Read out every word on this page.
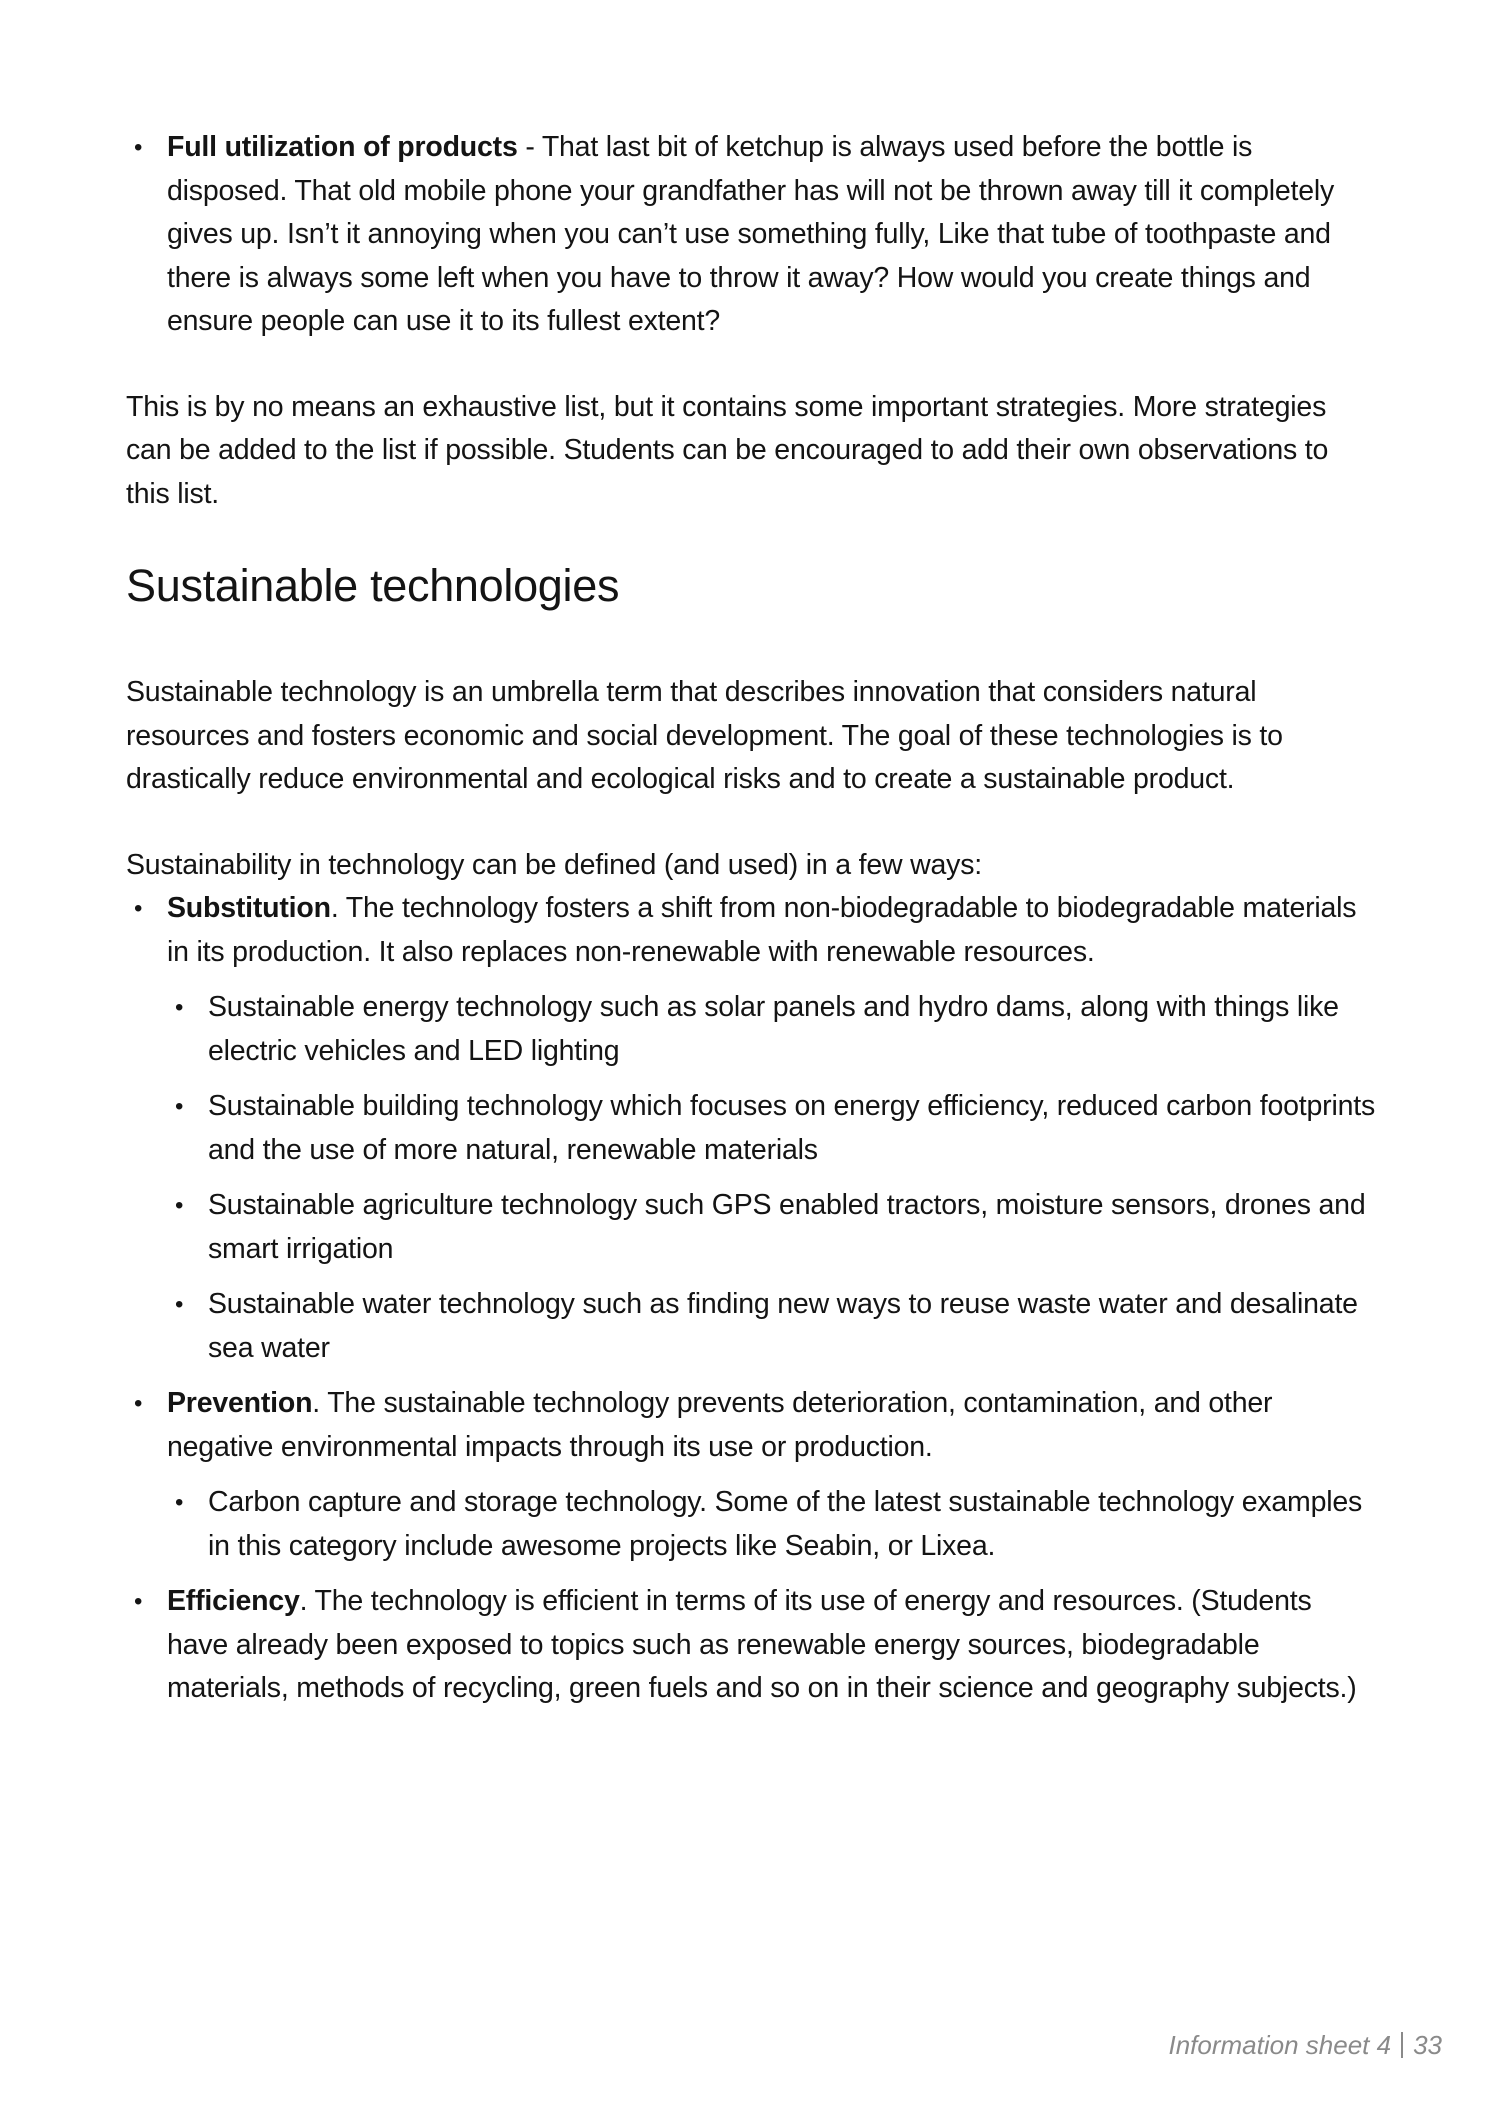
• Full utilization of products - That last bit of ketchup is always used before the bottle is disposed. That old mobile phone your grandfather has will not be thrown away till it completely gives up. Isn’t it annoying when you can’t use something fully, Like that tube of toothpaste and there is always some left when you have to throw it away? How would you create things and ensure people can use it to its fullest extent?

This is by no means an exhaustive list, but it contains some important strategies. More strategies can be added to the list if possible. Students can be encouraged to add their own observations to this list.

Sustainable technologies

Sustainable technology is an umbrella term that describes innovation that considers natural resources and fosters economic and social development. The goal of these technologies is to drastically reduce environmental and ecological risks and to create a sustainable product.

Sustainability in technology can be defined (and used) in a few ways:

• Substitution. The technology fosters a shift from non-biodegradable to biodegradable materials in its production. It also replaces non-renewable with renewable resources.
• Sustainable energy technology such as solar panels and hydro dams, along with things like electric vehicles and LED lighting
• Sustainable building technology which focuses on energy efficiency, reduced carbon footprints and the use of more natural, renewable materials
• Sustainable agriculture technology such GPS enabled tractors, moisture sensors, drones and smart irrigation
• Sustainable water technology such as finding new ways to reuse waste water and desalinate sea water
• Prevention. The sustainable technology prevents deterioration, contamination, and other negative environmental impacts through its use or production.
• Carbon capture and storage technology. Some of the latest sustainable technology examples in this category include awesome projects like Seabin, or Lixea.
• Efficiency. The technology is efficient in terms of its use of energy and resources. (Students have already been exposed to topics such as renewable energy sources, biodegradable materials, methods of recycling, green fuels and so on in their science and geography subjects.)
Information sheet 4 33
